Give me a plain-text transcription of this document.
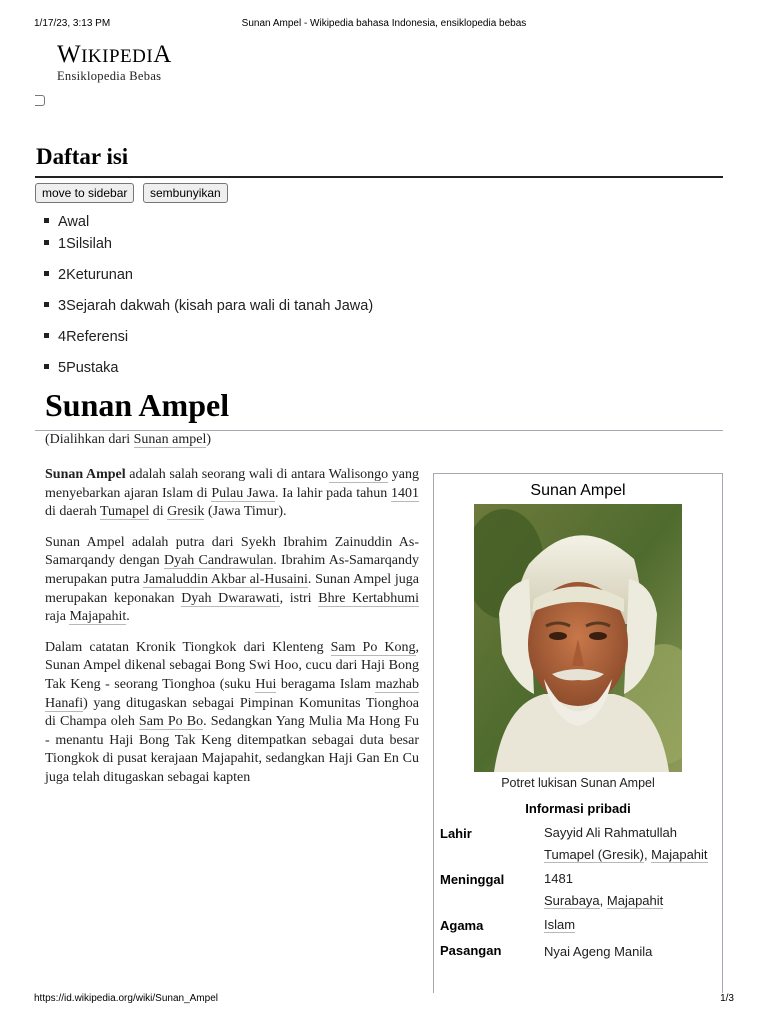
1/17/23, 3:13 PM	Sunan Ampel - Wikipedia bahasa Indonesia, ensiklopedia bebas
WIKIPEDIA
Ensiklopedia Bebas
Daftar isi
move to sidebar	sembunyikan
Awal
1Silsilah
2Keturunan
3Sejarah dakwah (kisah para wali di tanah Jawa)
4Referensi
5Pustaka
Sunan Ampel
(Dialihkan dari Sunan ampel)

Sunan Ampel adalah salah seorang wali di antara Walisongo yang menyebarkan ajaran Islam di Pulau Jawa. Ia lahir pada tahun 1401 di daerah Tumapel di Gresik (Jawa Timur).

Sunan Ampel adalah putra dari Syekh Ibrahim Zainuddin As-Samarqandy dengan Dyah Candrawulan. Ibrahim As-Samarqandy merupakan putra Jamaluddin Akbar al-Husaini. Sunan Ampel juga merupakan keponakan Dyah Dwarawati, istri Bhre Kertabhumi raja Majapahit.

Dalam catatan Kronik Tiongkok dari Klenteng Sam Po Kong, Sunan Ampel dikenal sebagai Bong Swi Hoo, cucu dari Haji Bong Tak Keng - seorang Tionghoa (suku Hui beragama Islam mazhab Hanafi) yang ditugaskan sebagai Pimpinan Komunitas Tionghoa di Champa oleh Sam Po Bo. Sedangkan Yang Mulia Ma Hong Fu - menantu Haji Bong Tak Keng ditempatkan sebagai duta besar Tiongkok di pusat kerajaan Majapahit, sedangkan Haji Gan En Cu juga telah ditugaskan sebagai kapten

Sunan Ampel
Potret lukisan Sunan Ampel
Informasi pribadi
Lahir	Sayyid Ali Rahmatullah
Tumapel (Gresik), Majapahit
Meninggal	1481
Surabaya, Majapahit
Agama	Islam
Pasangan	Nyai Ageng Manila
https://id.wikipedia.org/wiki/Sunan_Ampel	1/3
